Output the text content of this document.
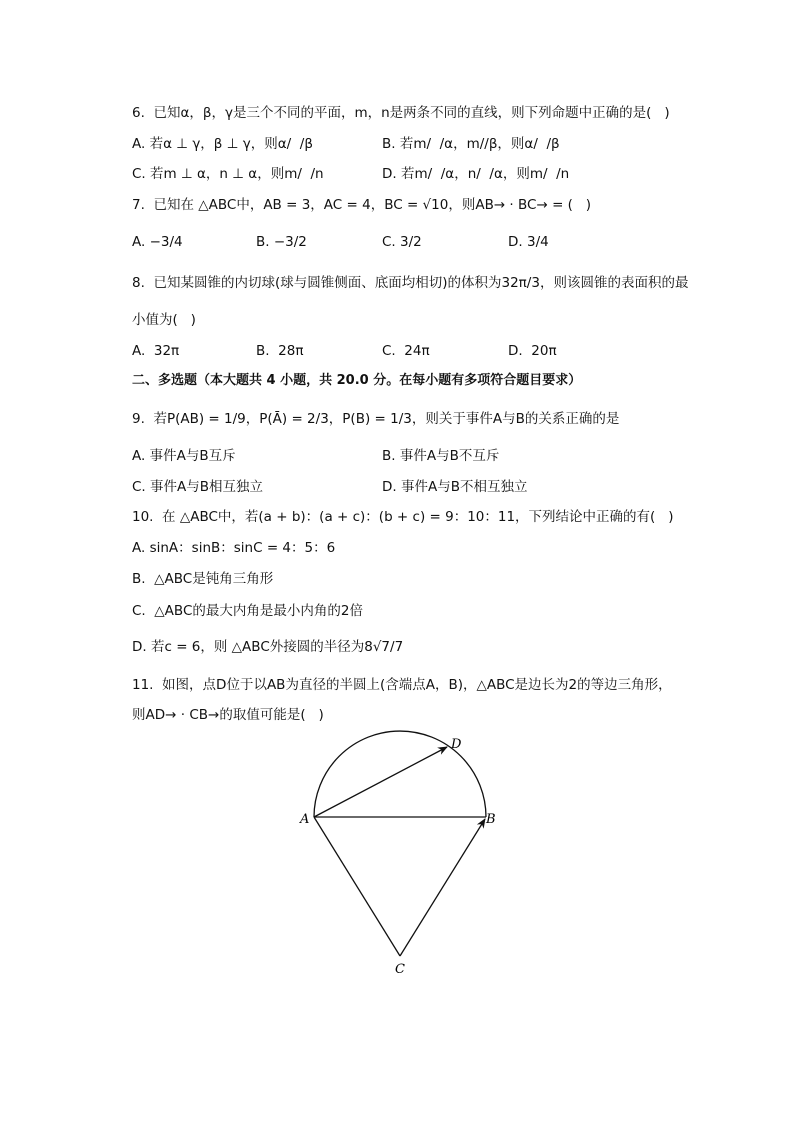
6.  已知α，β，γ是三个不同的平面，m，n是两条不同的直线，则下列命题中正确的是(   )
A. 若α ⊥ γ，β ⊥ γ，则α/  /β	B. 若m/  /α，m//β，则α/  /β
C. 若m ⊥ α，n ⊥ α，则m/  /n	D. 若m/  /α，n/  /α，则m/  /n
7.  已知在 △ABC中，AB = 3，AC = 4，BC = √10，则AB→ · BC→ = (   )
A. −3/4	B. −3/2	C. 3/2	D. 3/4
8.  已知某圆锥的内切球(球与圆锥侧面、底面均相切)的体积为32π/3，则该圆锥的表面积的最
小值为(   )
A.  32π	B.  28π	C.  24π	D.  20π
二、多选题（本大题共 4 小题，共 20.0 分。在每小题有多项符合题目要求）
9.  若P(AB) = 1/9，P(Ā) = 2/3，P(B) = 1/3，则关于事件A与B的关系正确的是
A. 事件A与B互斥	B. 事件A与B不互斥
C. 事件A与B相互独立	D. 事件A与B不相互独立
10.  在 △ABC中，若(a + b)：(a + c)：(b + c) = 9：10：11，下列结论中正确的有(   )
A. sinA：sinB：sinC = 4：5：6
B.  △ABC是钝角三角形
C.  △ABC的最大内角是最小内角的2倍
D. 若c = 6，则 △ABC外接圆的半径为8√7/7
11.  如图，点D位于以AB为直径的半圆上(含端点A，B)，△ABC是边长为2的等边三角形，
则AD→ · CB→的取值可能是(   )
A	B
C
D
